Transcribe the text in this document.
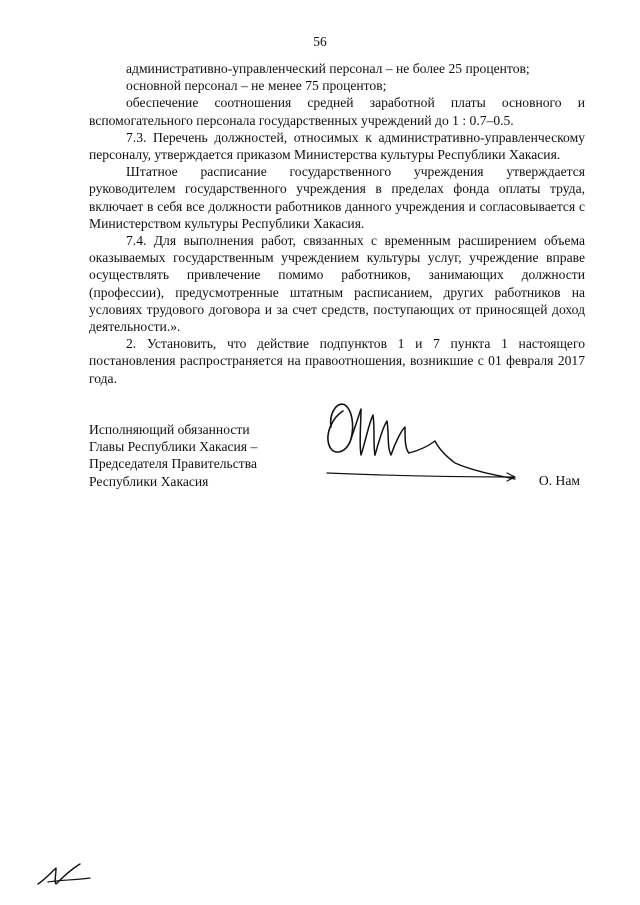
56

административно-управленческий персонал – не более 25 процентов;

основной персонал – не менее 75 процентов;

обеспечение соотношения средней заработной платы основного и вспомогательного персонала государственных учреждений до 1 : 0.7–0.5.

7.3. Перечень должностей, относимых к административно-управленческому персоналу, утверждается приказом Министерства культуры Республики Хакасия.

Штатное расписание государственного учреждения утверждается руководителем государственного учреждения в пределах фонда оплаты труда, включает в себя все должности работников данного учреждения и согласовывается с Министерством культуры Республики Хакасия.

7.4. Для выполнения работ, связанных с временным расширением объема оказываемых государственным учреждением культуры услуг, учреждение вправе осуществлять привлечение помимо работников, занимающих должности (профессии), предусмотренные штатным расписанием, других работников на условиях трудового договора и за счет средств, поступающих от приносящей доход деятельности.».

2. Установить, что действие подпунктов 1 и 7 пункта 1 настоящего постановления распространяется на правоотношения, возникшие с 01 февраля 2017 года.

Исполняющий обязанности
Главы Республики Хакасия –
Председателя Правительства
Республики Хакасия	О. Нам
